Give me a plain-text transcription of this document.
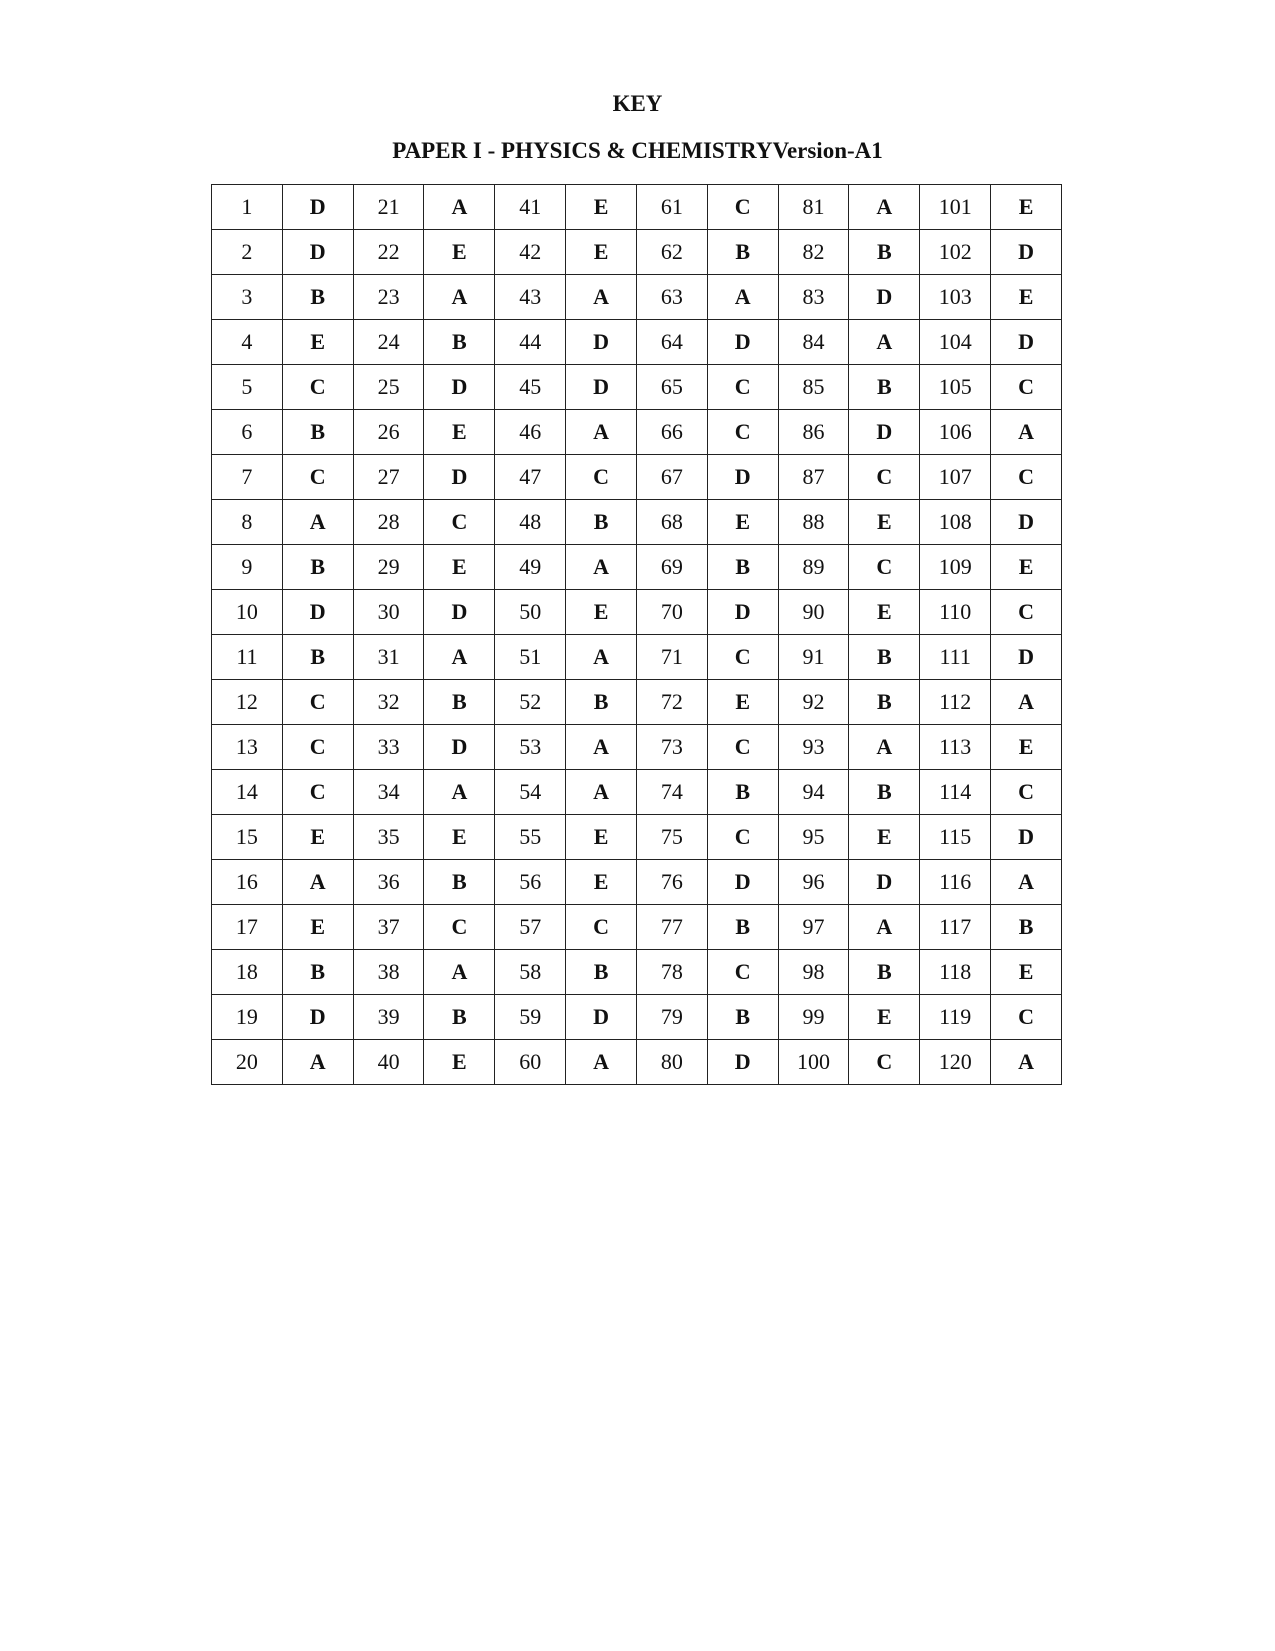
KEY
PAPER I - PHYSICS & CHEMISTRYVersion-A1
1	D	21	A	41	E	61	C	81	A	101	E
2	D	22	E	42	E	62	B	82	B	102	D
3	B	23	A	43	A	63	A	83	D	103	E
4	E	24	B	44	D	64	D	84	A	104	D
5	C	25	D	45	D	65	C	85	B	105	C
6	B	26	E	46	A	66	C	86	D	106	A
7	C	27	D	47	C	67	D	87	C	107	C
8	A	28	C	48	B	68	E	88	E	108	D
9	B	29	E	49	A	69	B	89	C	109	E
10	D	30	D	50	E	70	D	90	E	110	C
11	B	31	A	51	A	71	C	91	B	111	D
12	C	32	B	52	B	72	E	92	B	112	A
13	C	33	D	53	A	73	C	93	A	113	E
14	C	34	A	54	A	74	B	94	B	114	C
15	E	35	E	55	E	75	C	95	E	115	D
16	A	36	B	56	E	76	D	96	D	116	A
17	E	37	C	57	C	77	B	97	A	117	B
18	B	38	A	58	B	78	C	98	B	118	E
19	D	39	B	59	D	79	B	99	E	119	C
20	A	40	E	60	A	80	D	100	C	120	A
